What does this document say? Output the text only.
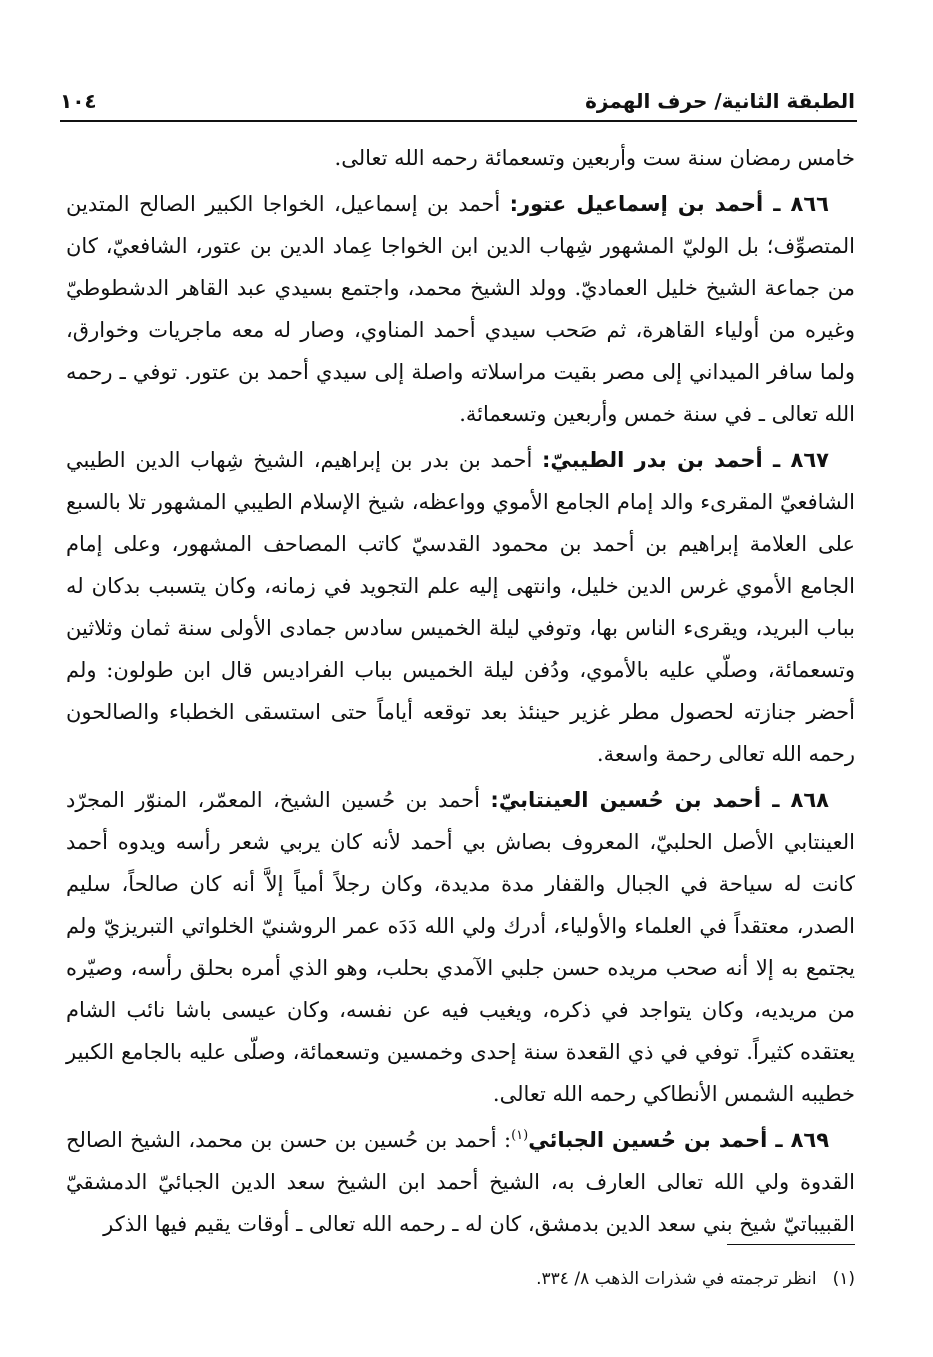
الطبقة الثانية/ حرف الهمزة
١٠٤

خامس رمضان سنة ست وأربعين وتسعمائة رحمه الله تعالى.

٨٦٦ ـ أحمد بن إسماعيل عتور: أحمد بن إسماعيل، الخواجا الكبير الصالح المتدين المتصوِّف؛ بل الوليّ المشهور شِهاب الدين ابن الخواجا عِماد الدين بن عتور، الشافعيّ، كان من جماعة الشيخ خليل العماديّ. وولد الشيخ محمد، واجتمع بسيدي عبد القاهر الدشطوطيّ وغيره من أولياء القاهرة، ثم صَحب سيدي أحمد المناوي، وصار له معه ماجريات وخوارق، ولما سافر الميداني إلى مصر بقيت مراسلاته واصلة إلى سيدي أحمد بن عتور. توفي ـ رحمه الله تعالى ـ في سنة خمس وأربعين وتسعمائة.

٨٦٧ ـ أحمد بن بدر الطيبيّ: أحمد بن بدر بن إبراهيم، الشيخ شِهاب الدين الطيبي الشافعيّ المقرىء والد إمام الجامع الأموي وواعظه، شيخ الإسلام الطيبي المشهور تلا بالسبع على العلامة إبراهيم بن أحمد بن محمود القدسيّ كاتب المصاحف المشهور، وعلى إمام الجامع الأموي غرس الدين خليل، وانتهى إليه علم التجويد في زمانه، وكان يتسبب بدكان له بباب البريد، ويقرىء الناس بها، وتوفي ليلة الخميس سادس جمادى الأولى سنة ثمان وثلاثين وتسعمائة، وصلّي عليه بالأموي، ودُفن ليلة الخميس بباب الفراديس قال ابن طولون: ولم أحضر جنازته لحصول مطر غزير حينئذ بعد توقعه أياماً حتى استسقى الخطباء والصالحون رحمه الله تعالى رحمة واسعة.

٨٦٨ ـ أحمد بن حُسين العينتابيّ: أحمد بن حُسين الشيخ، المعمّر، المنوّر المجرّد العينتابي الأصل الحلبيّ، المعروف بصاش بي أحمد لأنه كان يربي شعر رأسه ويدوه أحمد كانت له سياحة في الجبال والقفار مدة مديدة، وكان رجلاً أمياً إلاَّ أنه كان صالحاً، سليم الصدر، معتقداً في العلماء والأولياء، أدرك ولي الله دَدَه عمر الروشنيّ الخلواتي التبريزيّ ولم يجتمع به إلا أنه صحب مريده حسن جلبي الآمدي بحلب، وهو الذي أمره بحلق رأسه، وصيّره من مريديه، وكان يتواجد في ذكره، ويغيب فيه عن نفسه، وكان عيسى باشا نائب الشام يعتقده كثيراً. توفي في ذي القعدة سنة إحدى وخمسين وتسعمائة، وصلّى عليه بالجامع الكبير خطيبه الشمس الأنطاكي رحمه الله تعالى.

٨٦٩ ـ أحمد بن حُسين الجبائي$^{(١)}$: أحمد بن حُسين بن حسن بن محمد، الشيخ الصالح القدوة ولي الله تعالى العارف به، الشيخ أحمد ابن الشيخ سعد الدين الجبائيّ الدمشقيّ القبيباتيّ شيخ بني سعد الدين بدمشق، كان له ـ رحمه الله تعالى ـ أوقات يقيم فيها الذكر

(١)انظر ترجمته في شذرات الذهب ٨/ ٣٣٤.
